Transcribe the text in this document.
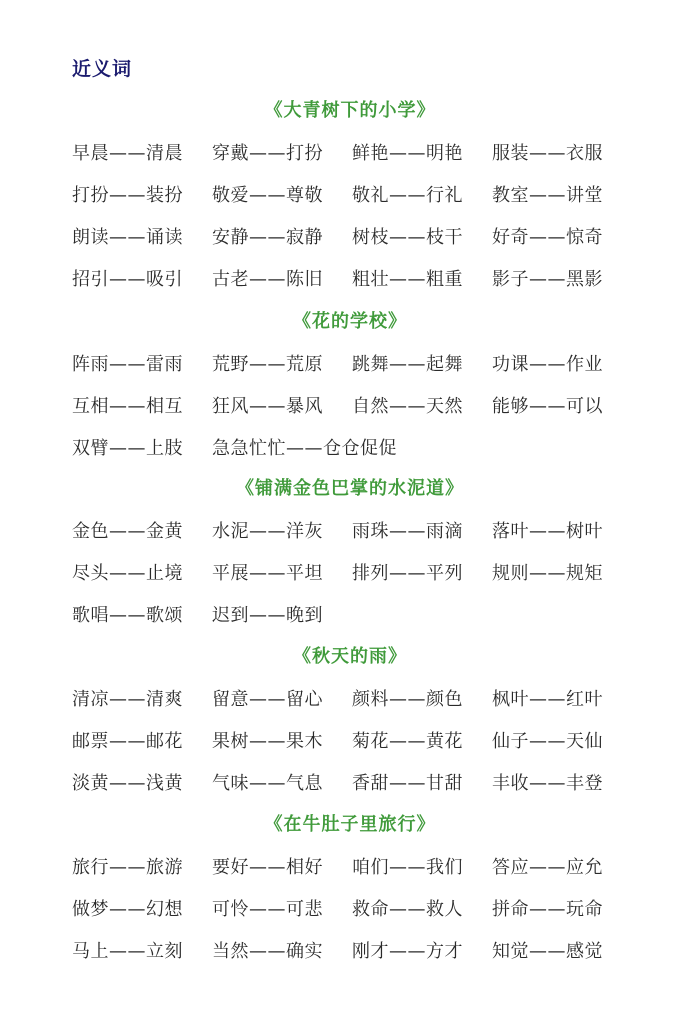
近义词
《大青树下的小学》
早晨——清晨 穿戴——打扮 鲜艳——明艳 服装——衣服
打扮——装扮 敬爱——尊敬 敬礼——行礼 教室——讲堂
朗读——诵读 安静——寂静 树枝——枝干 好奇——惊奇
招引——吸引 古老——陈旧 粗壮——粗重 影子——黑影
《花的学校》
阵雨——雷雨 荒野——荒原 跳舞——起舞 功课——作业
互相——相互 狂风——暴风 自然——天然 能够——可以
双臂——上肢 急急忙忙——仓仓促促
《铺满金色巴掌的水泥道》
金色——金黄 水泥——洋灰 雨珠——雨滴 落叶——树叶
尽头——止境 平展——平坦 排列——平列 规则——规矩
歌唱——歌颂 迟到——晚到
《秋天的雨》
清凉——清爽 留意——留心 颜料——颜色 枫叶——红叶
邮票——邮花 果树——果木 菊花——黄花 仙子——天仙
淡黄——浅黄 气味——气息 香甜——甘甜 丰收——丰登
《在牛肚子里旅行》
旅行——旅游 要好——相好 咱们——我们 答应——应允
做梦——幻想 可怜——可悲 救命——救人 拼命——玩命
马上——立刻 当然——确实 刚才——方才 知觉——感觉
